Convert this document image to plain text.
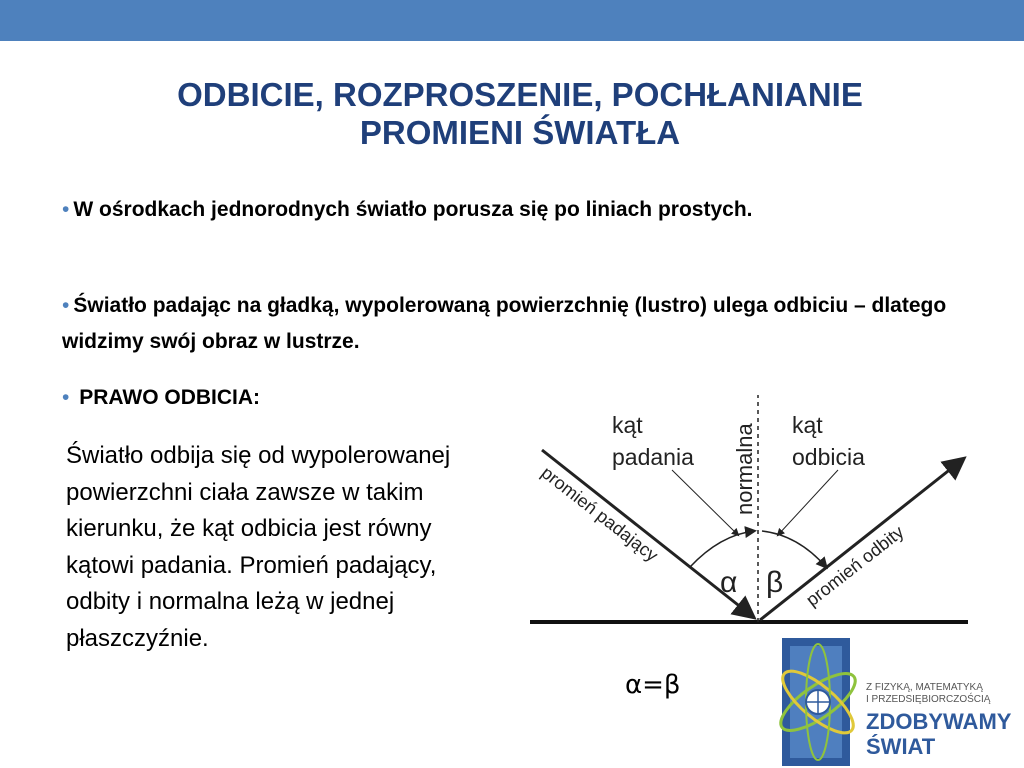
ODBICIE, ROZPROSZENIE, POCHŁANIANIE
PROMIENI ŚWIATŁA
• W ośrodkach jednorodnych światło porusza się po liniach prostych.
• Światło padając na gładką, wypolerowaną powierzchnię (lustro) ulega odbiciu – dlatego widzimy swój obraz w lustrze.
• PRAWO ODBICIA:
Światło odbija się od wypolerowanej powierzchni ciała zawsze w takim kierunku, że kąt odbicia jest równy kątowi padania. Promień padający, odbity i normalna leżą w jednej płaszczyźnie.
kąt
padania
kąt
odbicia
normalna
promień padający
promień odbity
α β
α=β	Z FIZYKĄ, MATEMATYKĄ
I PRZEDSIĘBIORCZOŚCIĄ
ZDOBYWAMY
ŚWIAT
